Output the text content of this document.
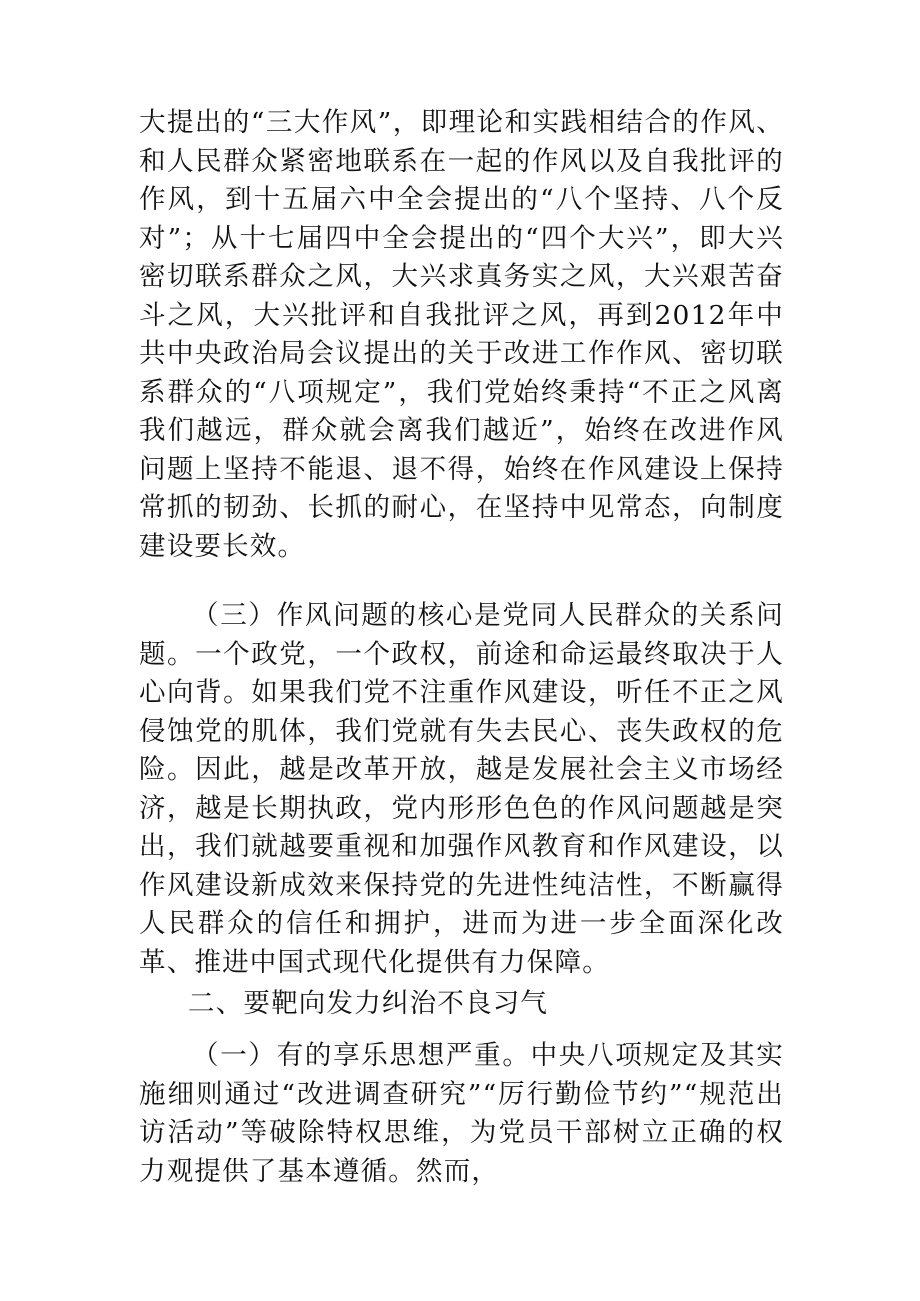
大提出的“三大作风”，即理论和实践相结合的作风、和人民群众紧密地联系在一起的作风以及自我批评的作风，到十五届六中全会提出的“八个坚持、八个反对”；从十七届四中全会提出的“四个大兴”，即大兴密切联系群众之风，大兴求真务实之风，大兴艰苦奋斗之风，大兴批评和自我批评之风，再到2012年中共中央政治局会议提出的关于改进工作作风、密切联系群众的“八项规定”，我们党始终秉持“不正之风离我们越远，群众就会离我们越近”，始终在改进作风问题上坚持不能退、退不得，始终在作风建设上保持常抓的韧劲、长抓的耐心，在坚持中见常态，向制度建设要长效。

（三）作风问题的核心是党同人民群众的关系问题。一个政党，一个政权，前途和命运最终取决于人心向背。如果我们党不注重作风建设，听任不正之风侵蚀党的肌体，我们党就有失去民心、丧失政权的危险。因此，越是改革开放，越是发展社会主义市场经济，越是长期执政，党内形形色色的作风问题越是突出，我们就越要重视和加强作风教育和作风建设，以作风建设新成效来保持党的先进性纯洁性，不断赢得人民群众的信任和拥护，进而为进一步全面深化改革、推进中国式现代化提供有力保障。

二、要靶向发力纠治不良习气

（一）有的享乐思想严重。中央八项规定及其实施细则通过“改进调查研究”“厉行勤俭节约”“规范出访活动”等破除特权思维，为党员干部树立正确的权力观提供了基本遵循。然而，
